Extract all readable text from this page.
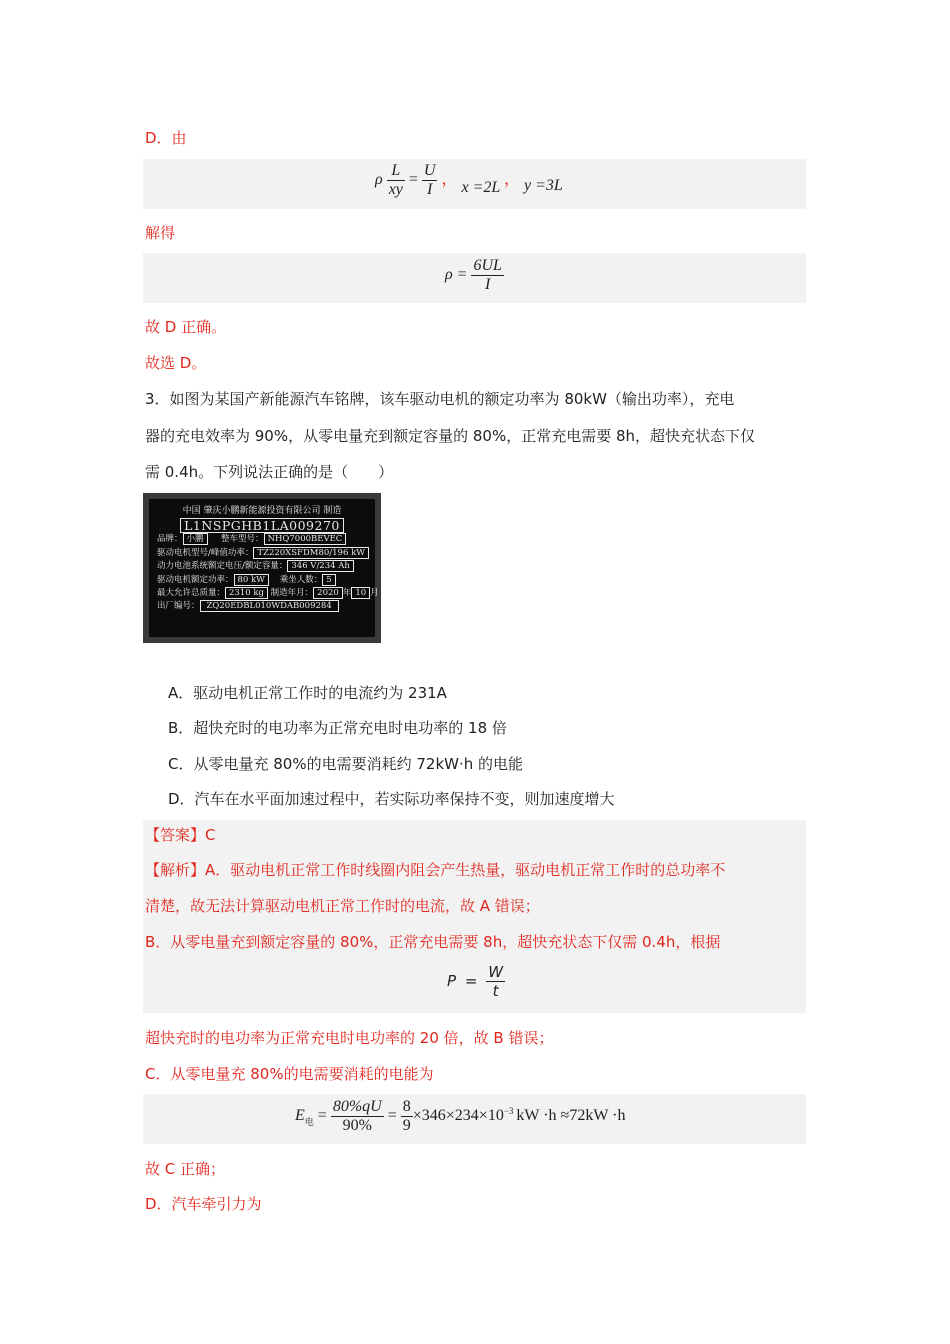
D．由
ρ $\frac{L}{xy} = \frac{U}{I}$ ， x =2L ， y =3L
解得
$\rho = \frac{6UL}{I}$
故 D 正确。
故选 D。
3．如图为某国产新能源汽车铭牌，该车驱动电机的额定功率为 80kW（输出功率），充电
器的充电效率为 90%，从零电量充到额定容量的 80%，正常充电需要 8h，超快充状态下仅
需 0.4h。下列说法正确的是（　　）
中国 肇庆小鹏新能源投资有限公司 制造
L1NSPGHB1LA009270
品牌： 小鹏 整车型号： NHQ7000BEVEC
驱动电机型号/峰值功率： TZ220XSFDM80/196 kW
动力电池系统额定电压/额定容量： 346 V/234 Ah
驱动电机额定功率： 80 kW 乘坐人数： 5
最大允许总质量： 2310 kg 制造年月： 2020 年 10 月
出厂编号： ZQ20EDBL010WDAB009284
A．驱动电机正常工作时的电流约为 231A
B．超快充时的电功率为正常充电时电功率的 18 倍
C．从零电量充 80%的电需要消耗约 72kW·h 的电能
D．汽车在水平面加速过程中，若实际功率保持不变，则加速度增大
【答案】C
【解析】A．驱动电机正常工作时线圈内阻会产生热量，驱动电机正常工作时的总功率不
清楚，故无法计算驱动电机正常工作时的电流，故 A 错误；
B．从零电量充到额定容量的 80%，正常充电需要 8h，超快充状态下仅需 0.4h，根据
$P = \frac{W}{t}$
超快充时的电功率为正常充电时电功率的 20 倍，故 B 错误；
C．从零电量充 80%的电需要消耗的电能为
$E_电 = \frac{80\%qU}{90\%} = \frac{8}{9} \times 346\times 234\times 10^{-3}$ kW ·h ≈72kW ·h
故 C 正确；
D．汽车牵引力为
